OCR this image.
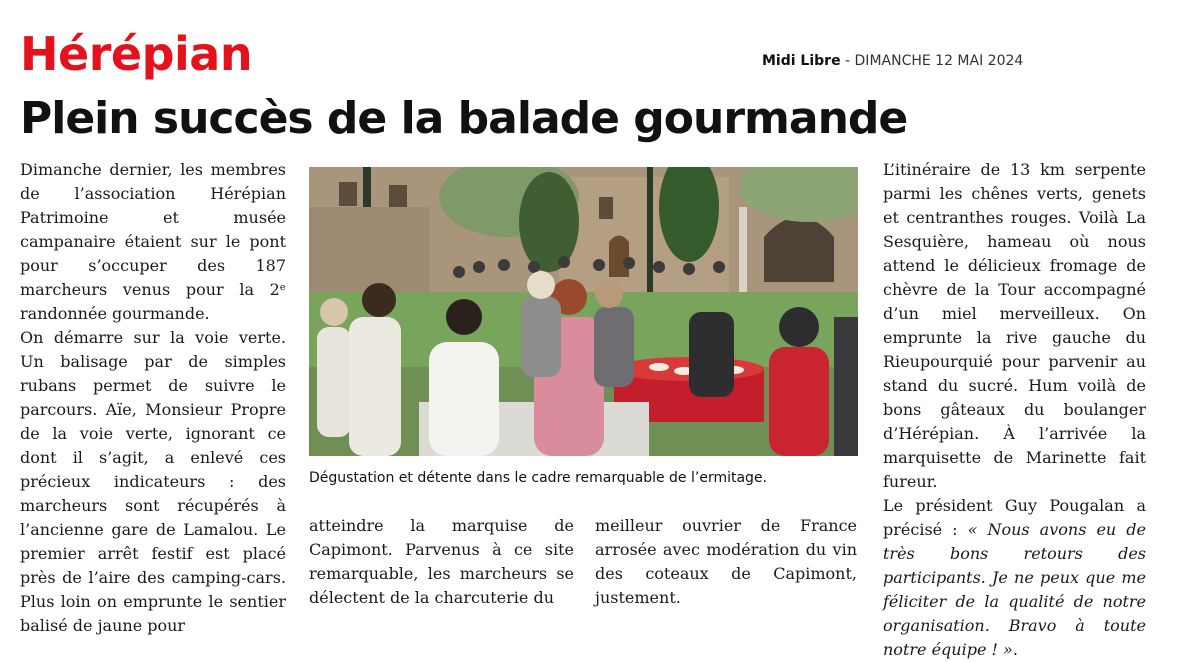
Hérépian	Midi Libre - DIMANCHE 12 MAI 2024
Plein succès de la balade gourmande

Dimanche dernier, les membres de l’association Hérépian Patrimoine et musée campanaire étaient sur le pont pour s’occuper des 187 marcheurs venus pour la 2ᵉ randonnée gourmande.

On démarre sur la voie verte. Un balisage par de simples rubans permet de suivre le parcours. Aïe, Monsieur Propre de la voie verte, ignorant ce dont il s’agit, a enlevé ces précieux indicateurs : des marcheurs sont récupérés à l’ancienne gare de Lamalou. Le premier arrêt festif est placé près de l’aire des camping-cars. Plus loin on emprunte le sentier balisé de jaune pour

Dégustation et détente dans le cadre remarquable de l’ermitage.

atteindre la marquise de Capimont. Parvenus à ce site remarquable, les marcheurs se délectent de la charcuterie du

meilleur ouvrier de France arrosée avec modération du vin des coteaux de Capimont, justement.

L’itinéraire de 13 km serpente parmi les chênes verts, genets et centranthes rouges. Voilà La Sesquière, hameau où nous attend le délicieux fromage de chèvre de la Tour accompagné d’un miel merveilleux. On emprunte la rive gauche du Rieupourquié pour parvenir au stand du sucré. Hum voilà de bons gâteaux du boulanger d’Hérépian. À l’arrivée la marquisette de Marinette fait fureur.

Le président Guy Pougalan a précisé : « Nous avons eu de très bons retours des participants. Je ne peux que me féliciter de la qualité de notre organisation. Bravo à toute notre équipe ! ».
